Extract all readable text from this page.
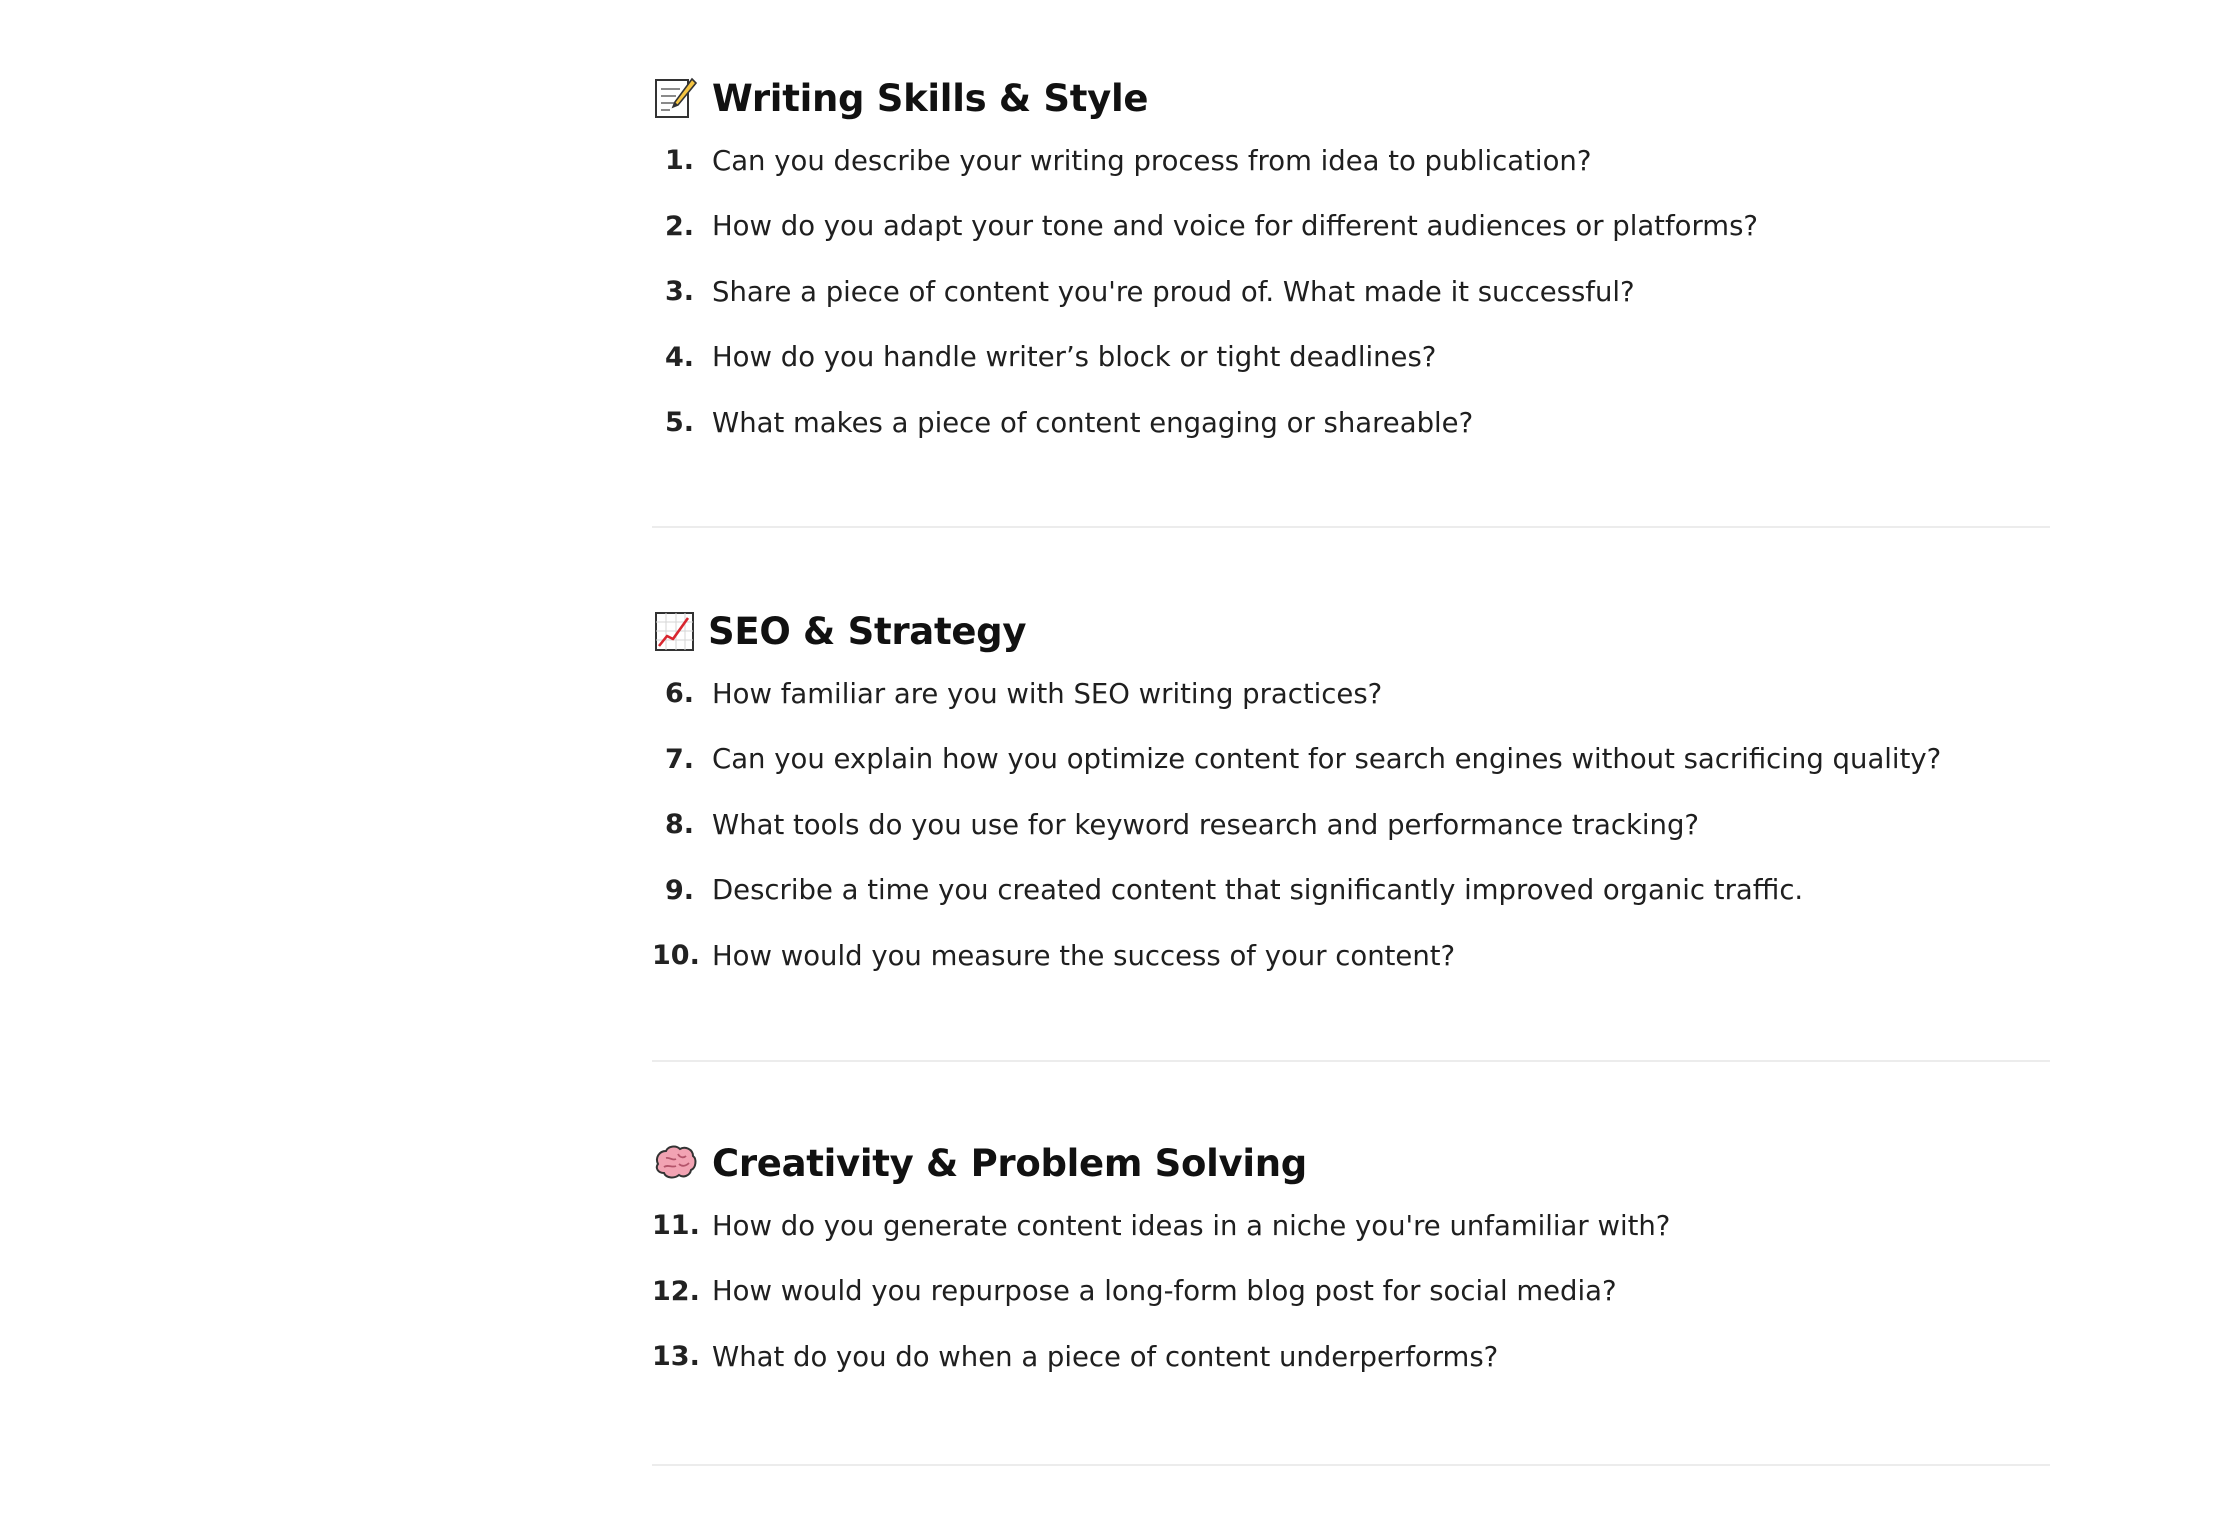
Writing Skills & Style
1. Can you describe your writing process from idea to publication?
2. How do you adapt your tone and voice for different audiences or platforms?
3. Share a piece of content you're proud of. What made it successful?
4. How do you handle writer’s block or tight deadlines?
5. What makes a piece of content engaging or shareable?
SEO & Strategy
6. How familiar are you with SEO writing practices?
7. Can you explain how you optimize content for search engines without sacrificing quality?
8. What tools do you use for keyword research and performance tracking?
9. Describe a time you created content that significantly improved organic traffic.
10. How would you measure the success of your content?
Creativity & Problem Solving
11. How do you generate content ideas in a niche you're unfamiliar with?
12. How would you repurpose a long-form blog post for social media?
13. What do you do when a piece of content underperforms?
